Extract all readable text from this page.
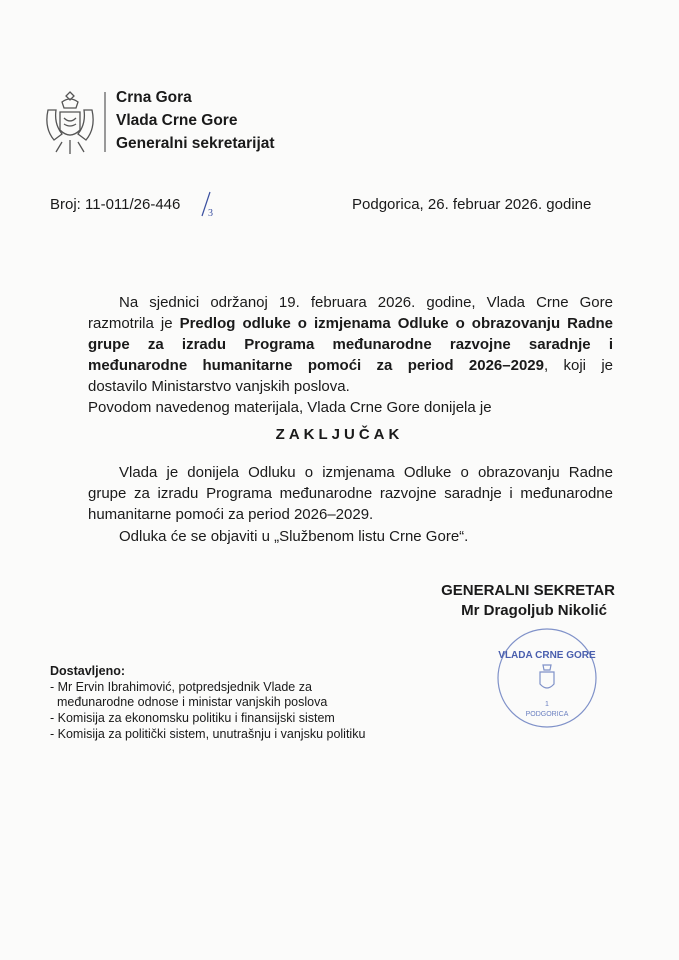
Crna Gora
Vlada Crne Gore
Generalni sekretarijat
Broj: 11-011/26-446
3
Podgorica, 26. februar 2026. godine
Na sjednici održanoj 19. februara 2026. godine, Vlada Crne Gore
razmotrila je Predlog odluke o izmjenama Odluke o obrazovanju Radne
grupe za izradu Programa međunarodne razvojne saradnje i
međunarodne humanitarne pomoći za period 2026–2029, koji je
dostavilo Ministarstvo vanjskih poslova.
Povodom navedenog materijala, Vlada Crne Gore donijela je
ZAKLJUČAK
Vlada je donijela Odluku o izmjenama Odluke o obrazovanju Radne
grupe za izradu Programa međunarodne razvojne saradnje i međunarodne
humanitarne pomoći za period 2026–2029.
Odluka će se objaviti u „Službenom listu Crne Gore“.
GENERALNI SEKRETAR
Mr Dragoljub Nikolić
VLADA CRNE GORE
1
PODGORICA
Dostavljeno:
- Mr Ervin Ibrahimović, potpredsjednik Vlade za
međunarodne odnose i ministar vanjskih poslova
- Komisija za ekonomsku politiku i finansijski sistem
- Komisija za politički sistem, unutrašnju i vanjsku politiku
